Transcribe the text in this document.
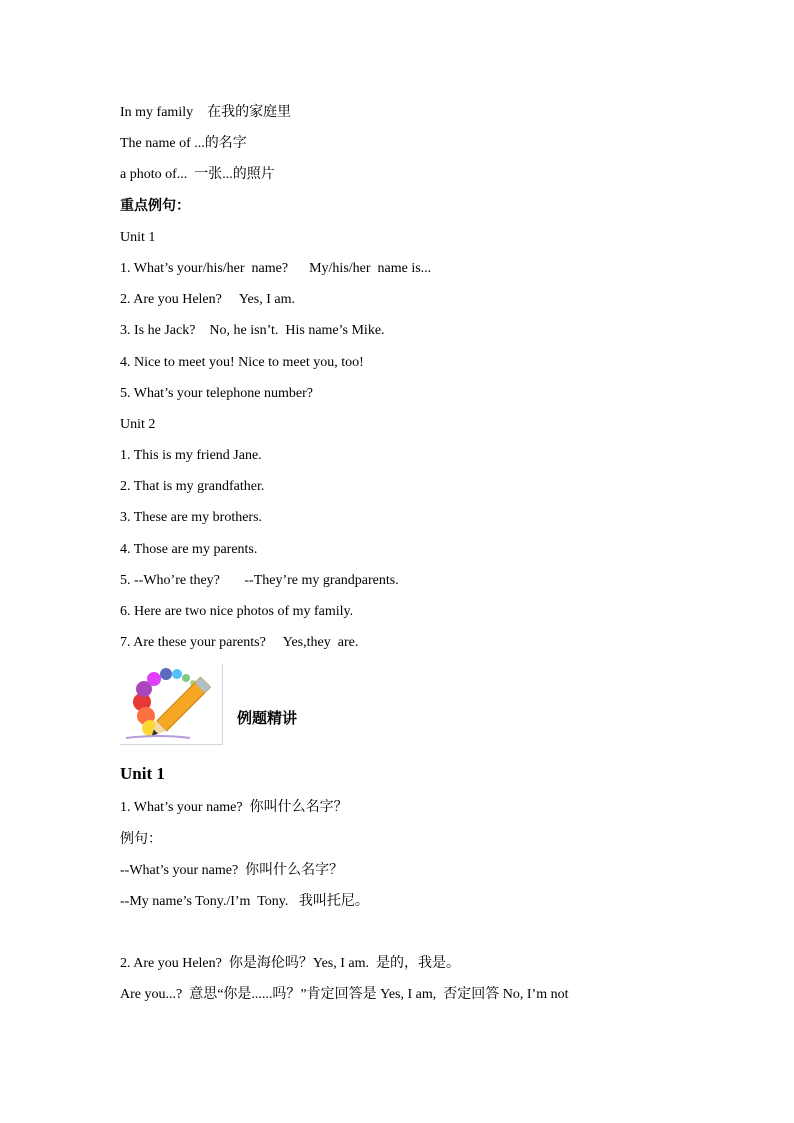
In my family    在我的家庭里
The name of ...的名字
a photo of...  一张...的照片
重点例句：
Unit 1
1. What’s your/his/her  name?      My/his/her  name is...
2. Are you Helen?     Yes, I am.
3. Is he Jack?    No, he isn’t.  His name’s Mike.
4. Nice to meet you! Nice to meet you, too!
5. What’s your telephone number?
Unit 2
1. This is my friend Jane.
2. That is my grandfather.
3. These are my brothers.
4. Those are my parents.
5. --Who’re they?       --They’re my grandparents.
6. Here are two nice photos of my family.
7. Are these your parents?     Yes,they  are.
例题精讲
Unit 1
1. What’s your name?  你叫什么名字？
例句：
--What’s your name?  你叫什么名字？
--My name’s Tony./I’m  Tony.   我叫托尼。
2. Are you Helen?  你是海伦吗？Yes, I am.  是的，我是。
Are you...?  意思“你是......吗？”肯定回答是 Yes, I am,  否定回答 No, I’m not
